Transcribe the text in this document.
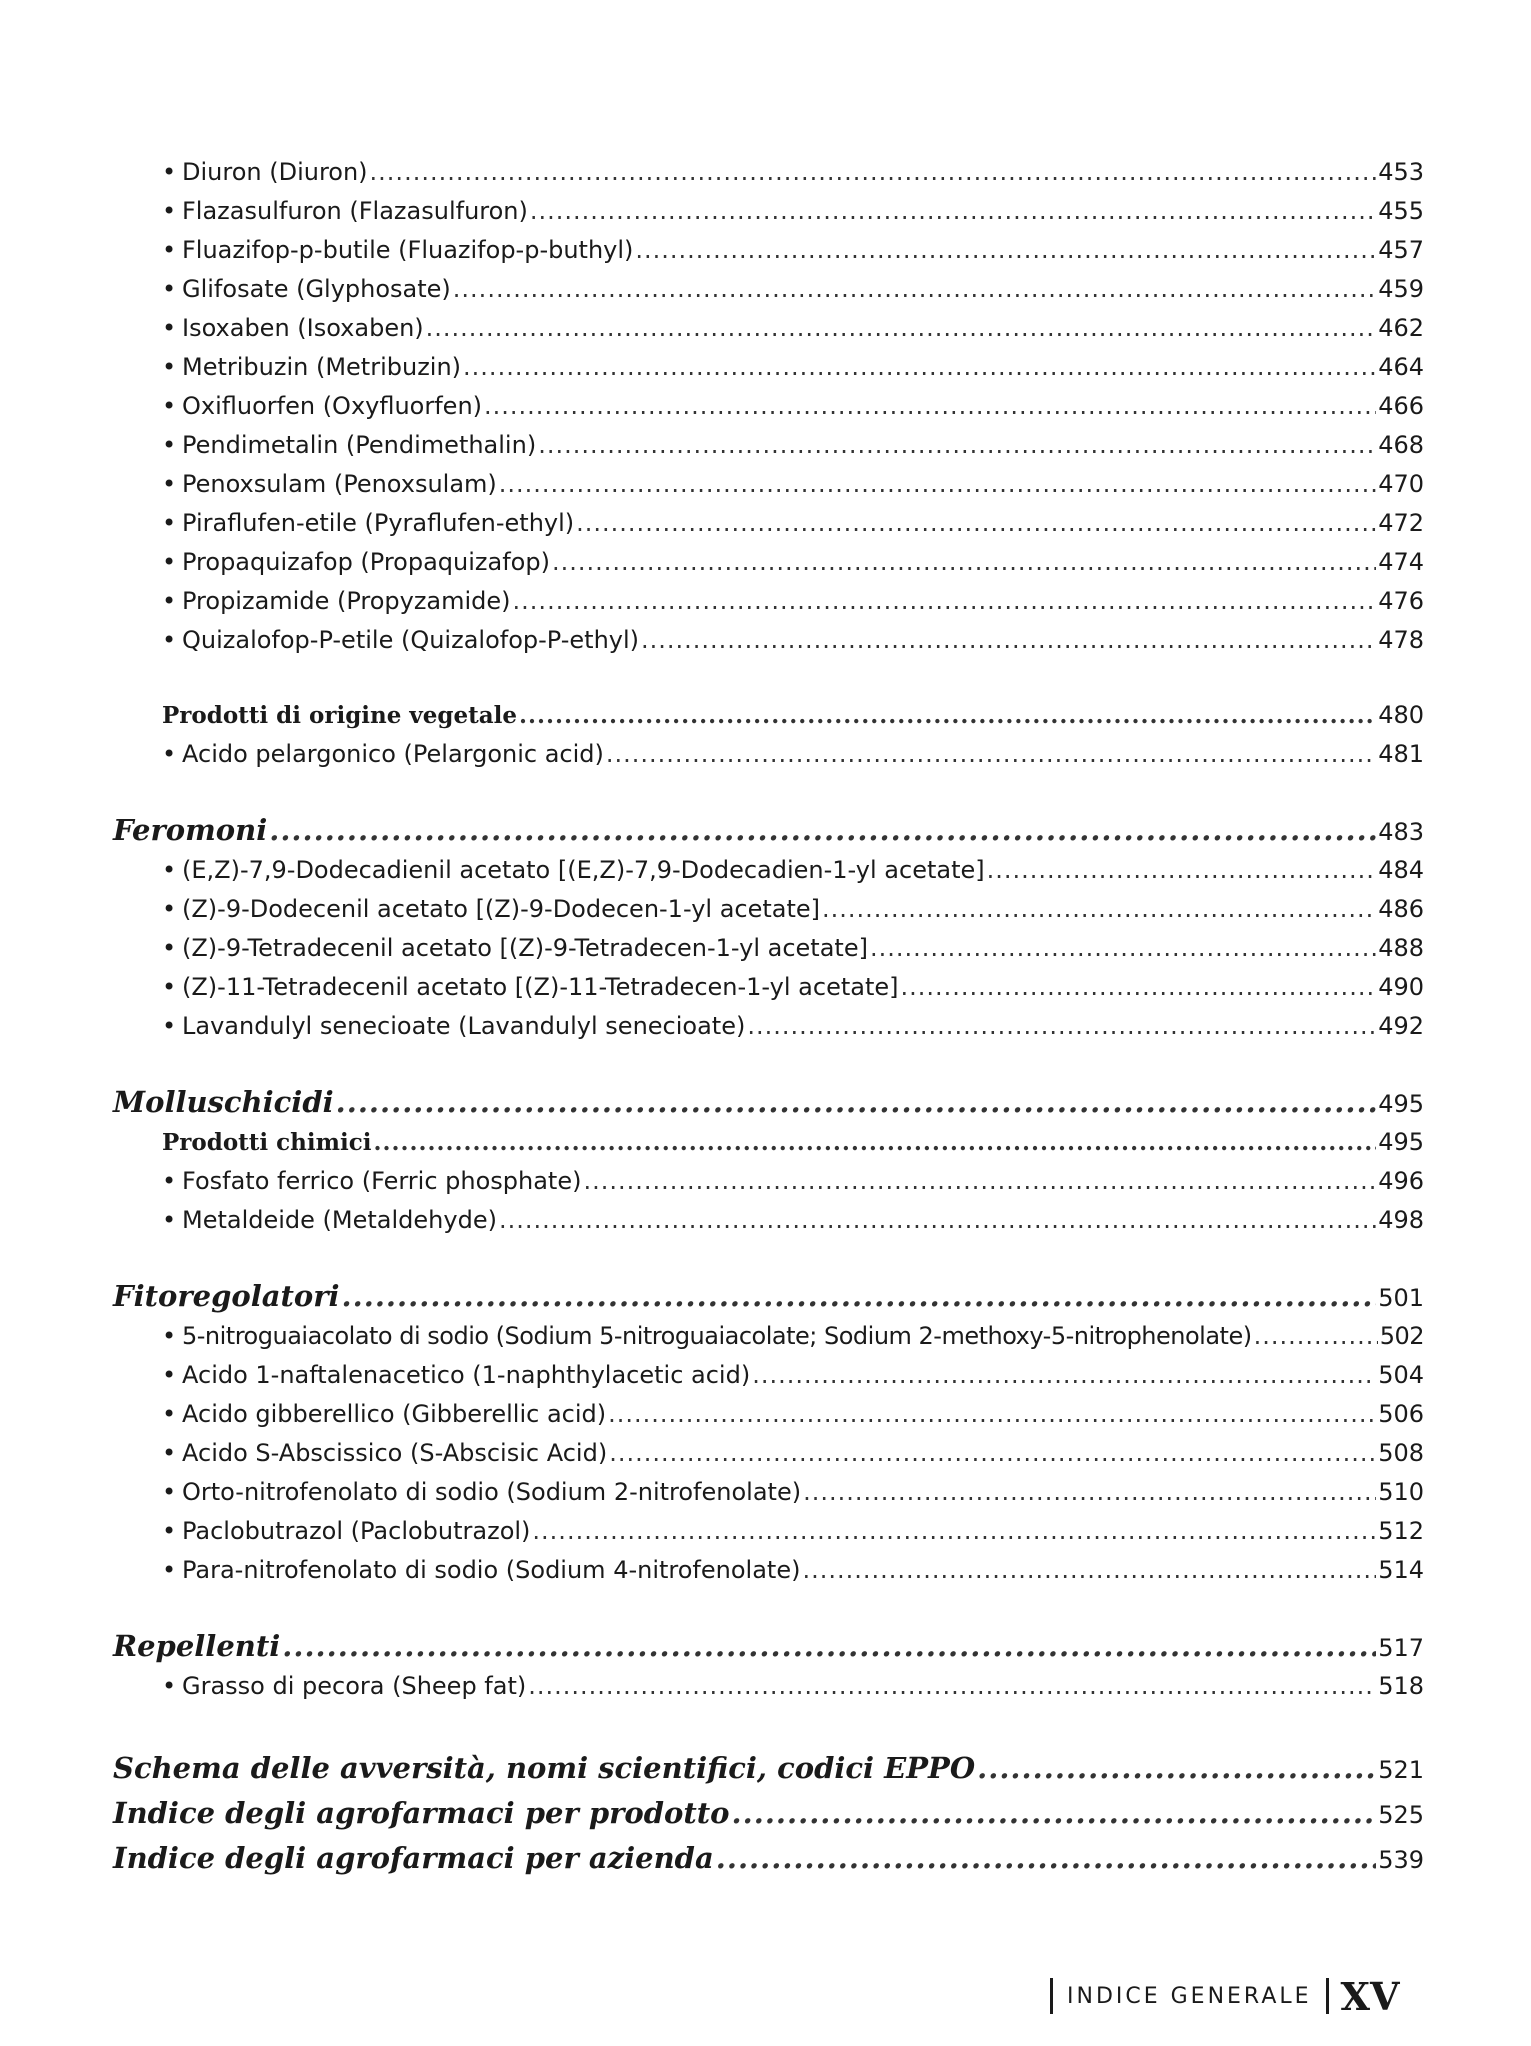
• Diuron (Diuron) .....	453
• Flazasulfuron (Flazasulfuron) .....	455
• Fluazifop-p-butile (Fluazifop-p-buthyl) .....	457
• Glifosate (Glyphosate) .....	459
• Isoxaben (Isoxaben) .....	462
• Metribuzin (Metribuzin) .....	464
• Oxifluorfen (Oxyfluorfen) .....	466
• Pendimetalin (Pendimethalin) .....	468
• Penoxsulam (Penoxsulam) .....	470
• Piraflufen-etile (Pyraflufen-ethyl) .....	472
• Propaquizafop (Propaquizafop) .....	474
• Propizamide (Propyzamide) .....	476
• Quizalofop-P-etile (Quizalofop-P-ethyl) .....	478
Prodotti di origine vegetale .....	480
• Acido pelargonico (Pelargonic acid) .....	481
Feromoni .....	483
• (E,Z)-7,9-Dodecadienil acetato [(E,Z)-7,9-Dodecadien-1-yl acetate] .....	484
• (Z)-9-Dodecenil acetato [(Z)-9-Dodecen-1-yl acetate] .....	486
• (Z)-9-Tetradecenil acetato [(Z)-9-Tetradecen-1-yl acetate] .....	488
• (Z)-11-Tetradecenil acetato [(Z)-11-Tetradecen-1-yl acetate] .....	490
• Lavandulyl senecioate (Lavandulyl senecioate) .....	492
Molluschicidi .....	495
Prodotti chimici .....	495
• Fosfato ferrico (Ferric phosphate) .....	496
• Metaldeide (Metaldehyde) .....	498
Fitoregolatori .....	501
• 5-nitroguaiacolato di sodio (Sodium 5-nitroguaiacolate; Sodium 2-methoxy-5-nitrophenolate) .....	502
• Acido 1-naftalenacetico (1-naphthylacetic acid) .....	504
• Acido gibberellico (Gibberellic acid) .....	506
• Acido S-Abscissico (S-Abscisic Acid) .....	508
• Orto-nitrofenolato di sodio (Sodium 2-nitrofenolate) .....	510
• Paclobutrazol (Paclobutrazol) .....	512
• Para-nitrofenolato di sodio (Sodium 4-nitrofenolate) .....	514
Repellenti .....	517
• Grasso di pecora (Sheep fat) .....	518
Schema delle avversità, nomi scientifici, codici EPPO .....	521
Indice degli agrofarmaci per prodotto .....	525
Indice degli agrofarmaci per azienda .....	539
INDICE GENERALE XV
